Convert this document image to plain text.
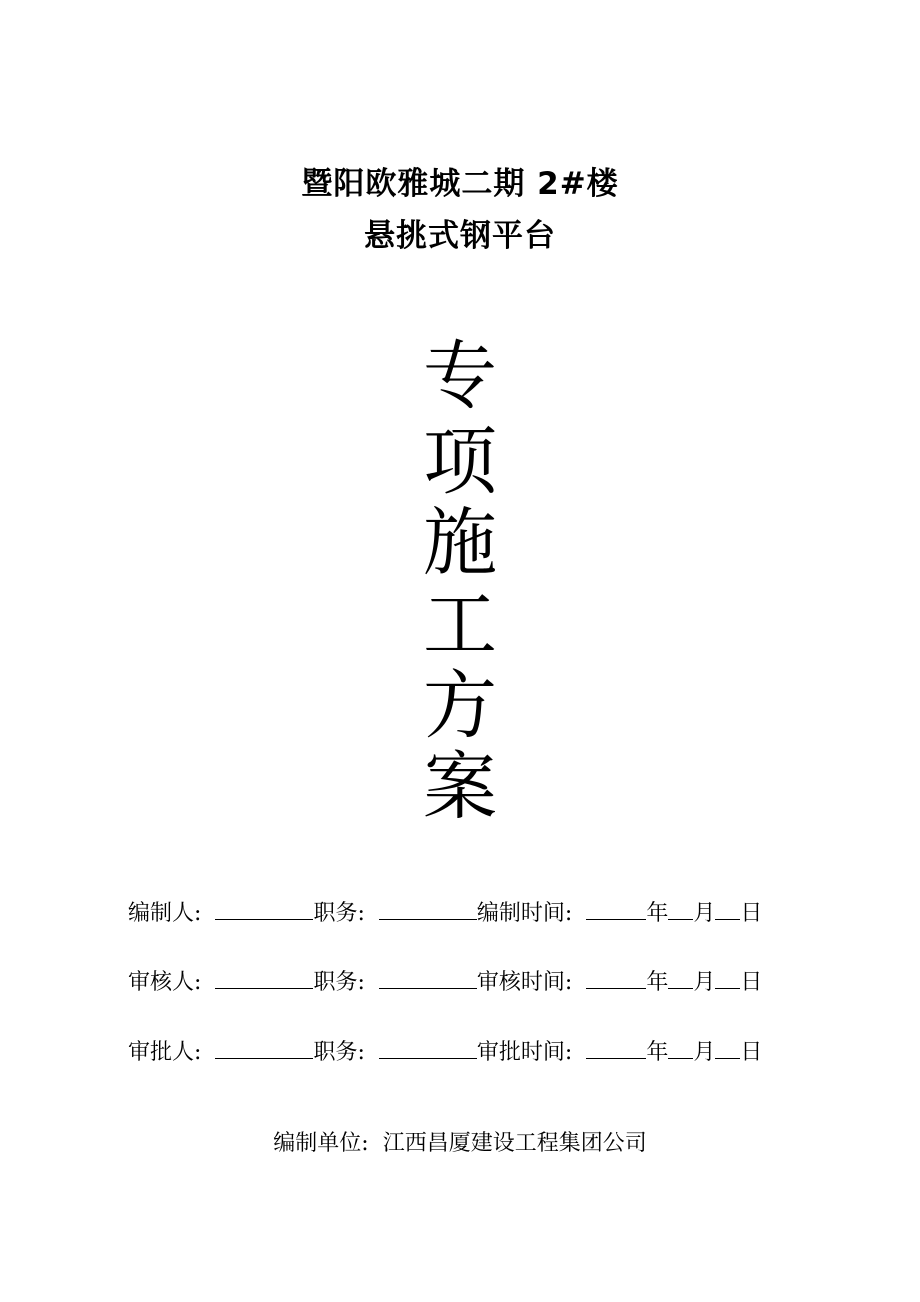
暨阳欧雅城二期 2#楼
悬挑式钢平台
专
项
施
工
方
案
编制人:	职务:	编制时间:	年 月 日
审核人:	职务:	审核时间:	年 月 日
审批人:	职务:	审批时间:	年 月 日
编制单位: 江西昌厦建设工程集团公司
